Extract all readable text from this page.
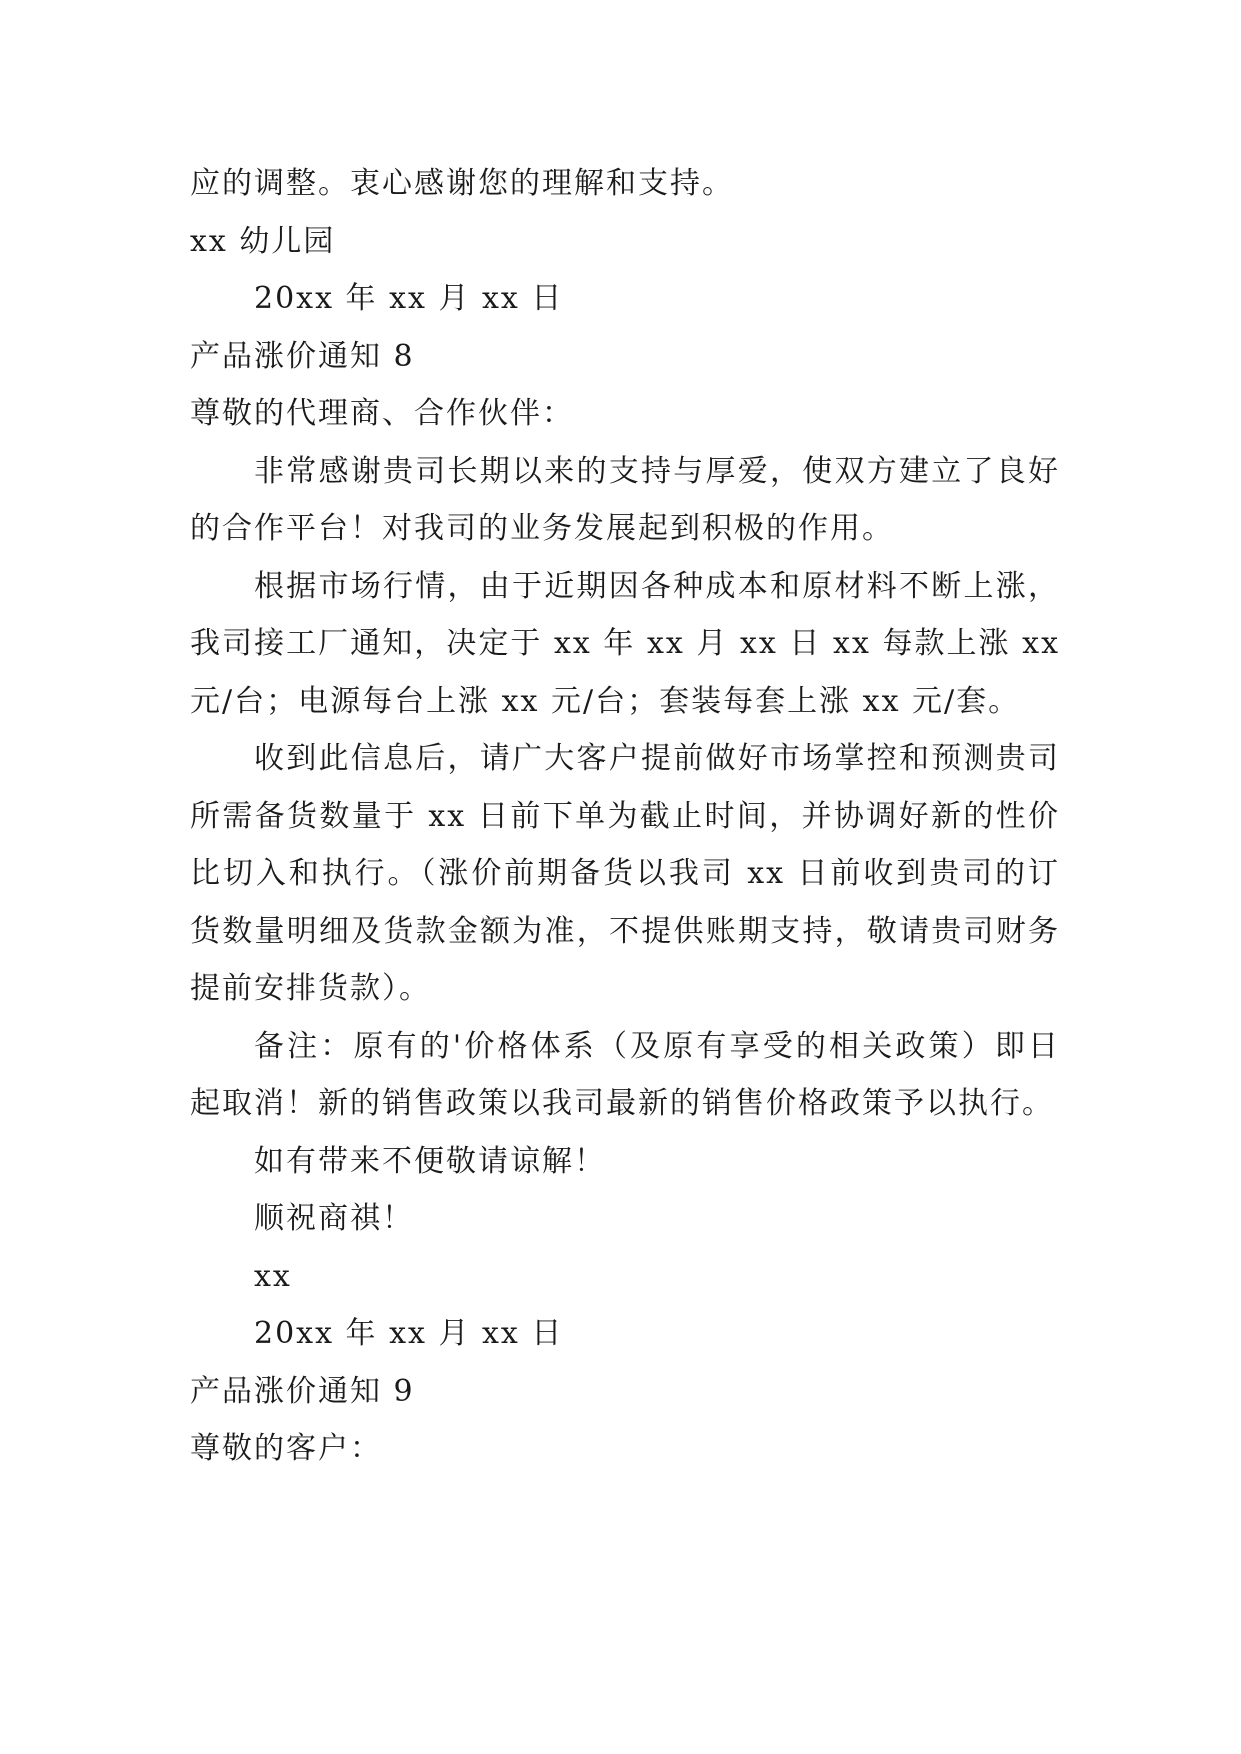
应的调整。衷心感谢您的理解和支持。

xx 幼儿园

20xx 年 xx 月 xx 日

产品涨价通知 8

尊敬的代理商、合作伙伴：

非常感谢贵司长期以来的支持与厚爱，使双方建立了良好的合作平台！对我司的业务发展起到积极的作用。

根据市场行情，由于近期因各种成本和原材料不断上涨，我司接工厂通知，决定于 xx 年 xx 月 xx 日 xx 每款上涨 xx 元/台；电源每台上涨 xx 元/台；套装每套上涨 xx 元/套。

收到此信息后，请广大客户提前做好市场掌控和预测贵司所需备货数量于 xx 日前下单为截止时间，并协调好新的性价比切入和执行。（涨价前期备货以我司 xx 日前收到贵司的订货数量明细及货款金额为准，不提供账期支持，敬请贵司财务提前安排货款）。

备注：原有的'价格体系（及原有享受的相关政策）即日起取消！新的销售政策以我司最新的销售价格政策予以执行。

如有带来不便敬请谅解！

顺祝商祺！

xx

20xx 年 xx 月 xx 日

产品涨价通知 9

尊敬的客户：
